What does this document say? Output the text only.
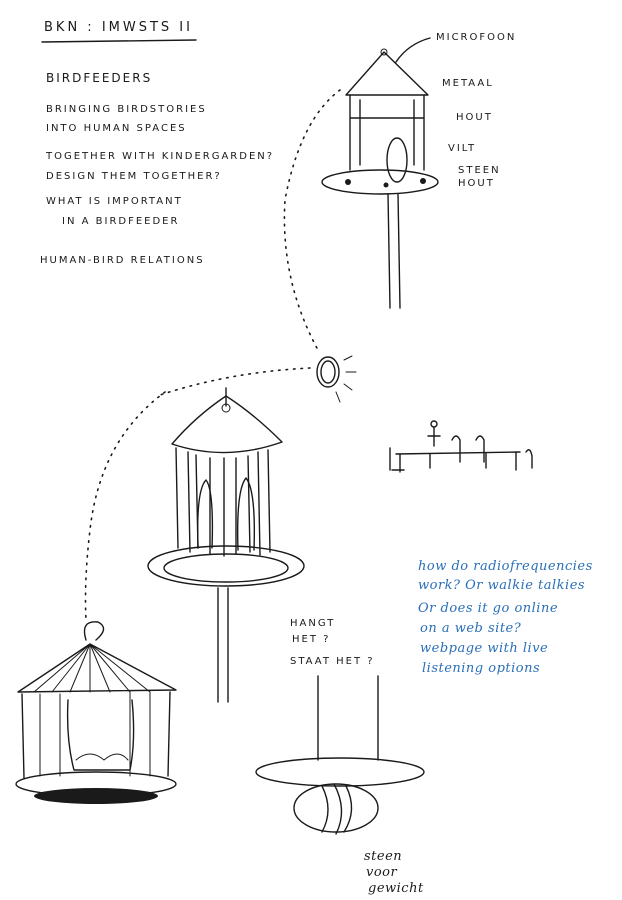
BKN : IMWSTS II
BIRDFEEDERS
BRINGING BIRDSTORIES
INTO HUMAN SPACES
TOGETHER WITH KINDERGARDEN?
DESIGN THEM TOGETHER?
WHAT IS IMPORTANT
IN A BIRDFEEDER
HUMAN-BIRD RELATIONS
MICROFOON
METAAL
HOUT
VILT
STEEN
HOUT
HANGT
HET ?
STAAT HET ?
steen
voor
gewicht
how do radiofrequencies
work? Or walkie talkies
Or does it go online
on a web site?
webpage with live
listening options
